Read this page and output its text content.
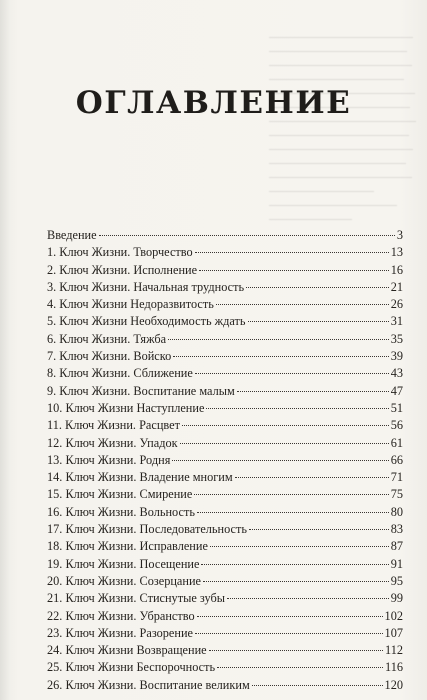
ОГЛАВЛЕНИЕ
Введение	3
1. Ключ Жизни. Творчество	13
2. Ключ Жизни. Исполнение	16
3. Ключ Жизни. Начальная трудность	21
4. Ключ Жизни Недоразвитость	26
5. Ключ Жизни Необходимость ждать	31
6. Ключ Жизни. Тяжба	35
7. Ключ Жизни. Войско	39
8. Ключ Жизни. Сближение	43
9. Ключ Жизни. Воспитание малым	47
10. Ключ Жизни Наступление	51
11. Ключ Жизни. Расцвет	56
12. Ключ Жизни. Упадок	61
13. Ключ Жизни. Родня	66
14. Ключ Жизни. Владение многим	71
15. Ключ Жизни. Смирение	75
16. Ключ Жизни. Вольность	80
17. Ключ Жизни. Последовательность	83
18. Ключ Жизни. Исправление	87
19. Ключ Жизни. Посещение	91
20. Ключ Жизни. Созерцание	95
21. Ключ Жизни. Стиснутые зубы	99
22. Ключ Жизни. Убранство	102
23. Ключ Жизни. Разорение	107
24. Ключ Жизни Возвращение	112
25. Ключ Жизни Беспорочность	116
26. Ключ Жизни. Воспитание великим	120
